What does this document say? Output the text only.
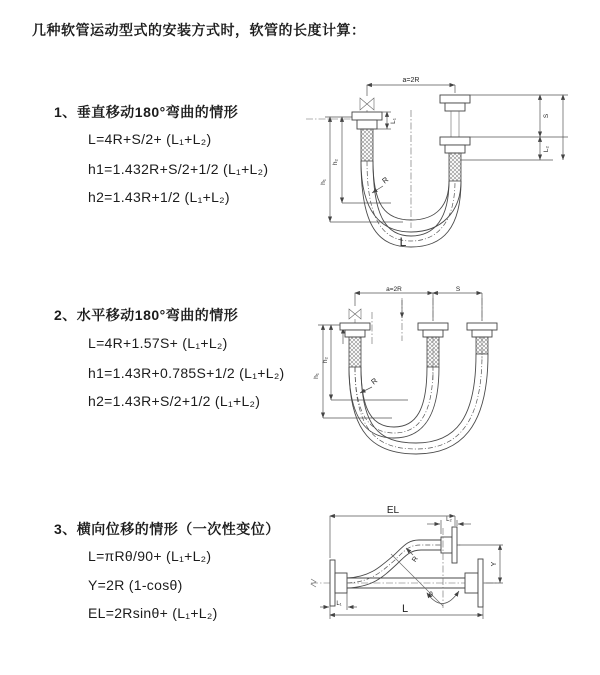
几种软管运动型式的安装方式时，软管的长度计算：
1、垂直移动180°弯曲的情形
L=4R+S/2+ (L₁+L₂)
h1=1.432R+S/2+1/2 (L₁+L₂)
h2=1.43R+1/2 (L₁+L₂)
2、水平移动180°弯曲的情形
L=4R+1.57S+ (L₁+L₂)
h1=1.43R+0.785S+1/2 (L₁+L₂)
h2=1.43R+S/2+1/2 (L₁+L₂)
3、横向位移的情形（一次性变位）
L=πRθ/90+ (L₁+L₂)
Y=2R (1-cosθ)
EL=2Rsinθ+ (L₁+L₂)
a=2R
L₁
S
L₂
h₁
h₂
R
L
a=2R	S
h₁
h₂
R
EL
L₂
θ
R
Y
L₁	L
